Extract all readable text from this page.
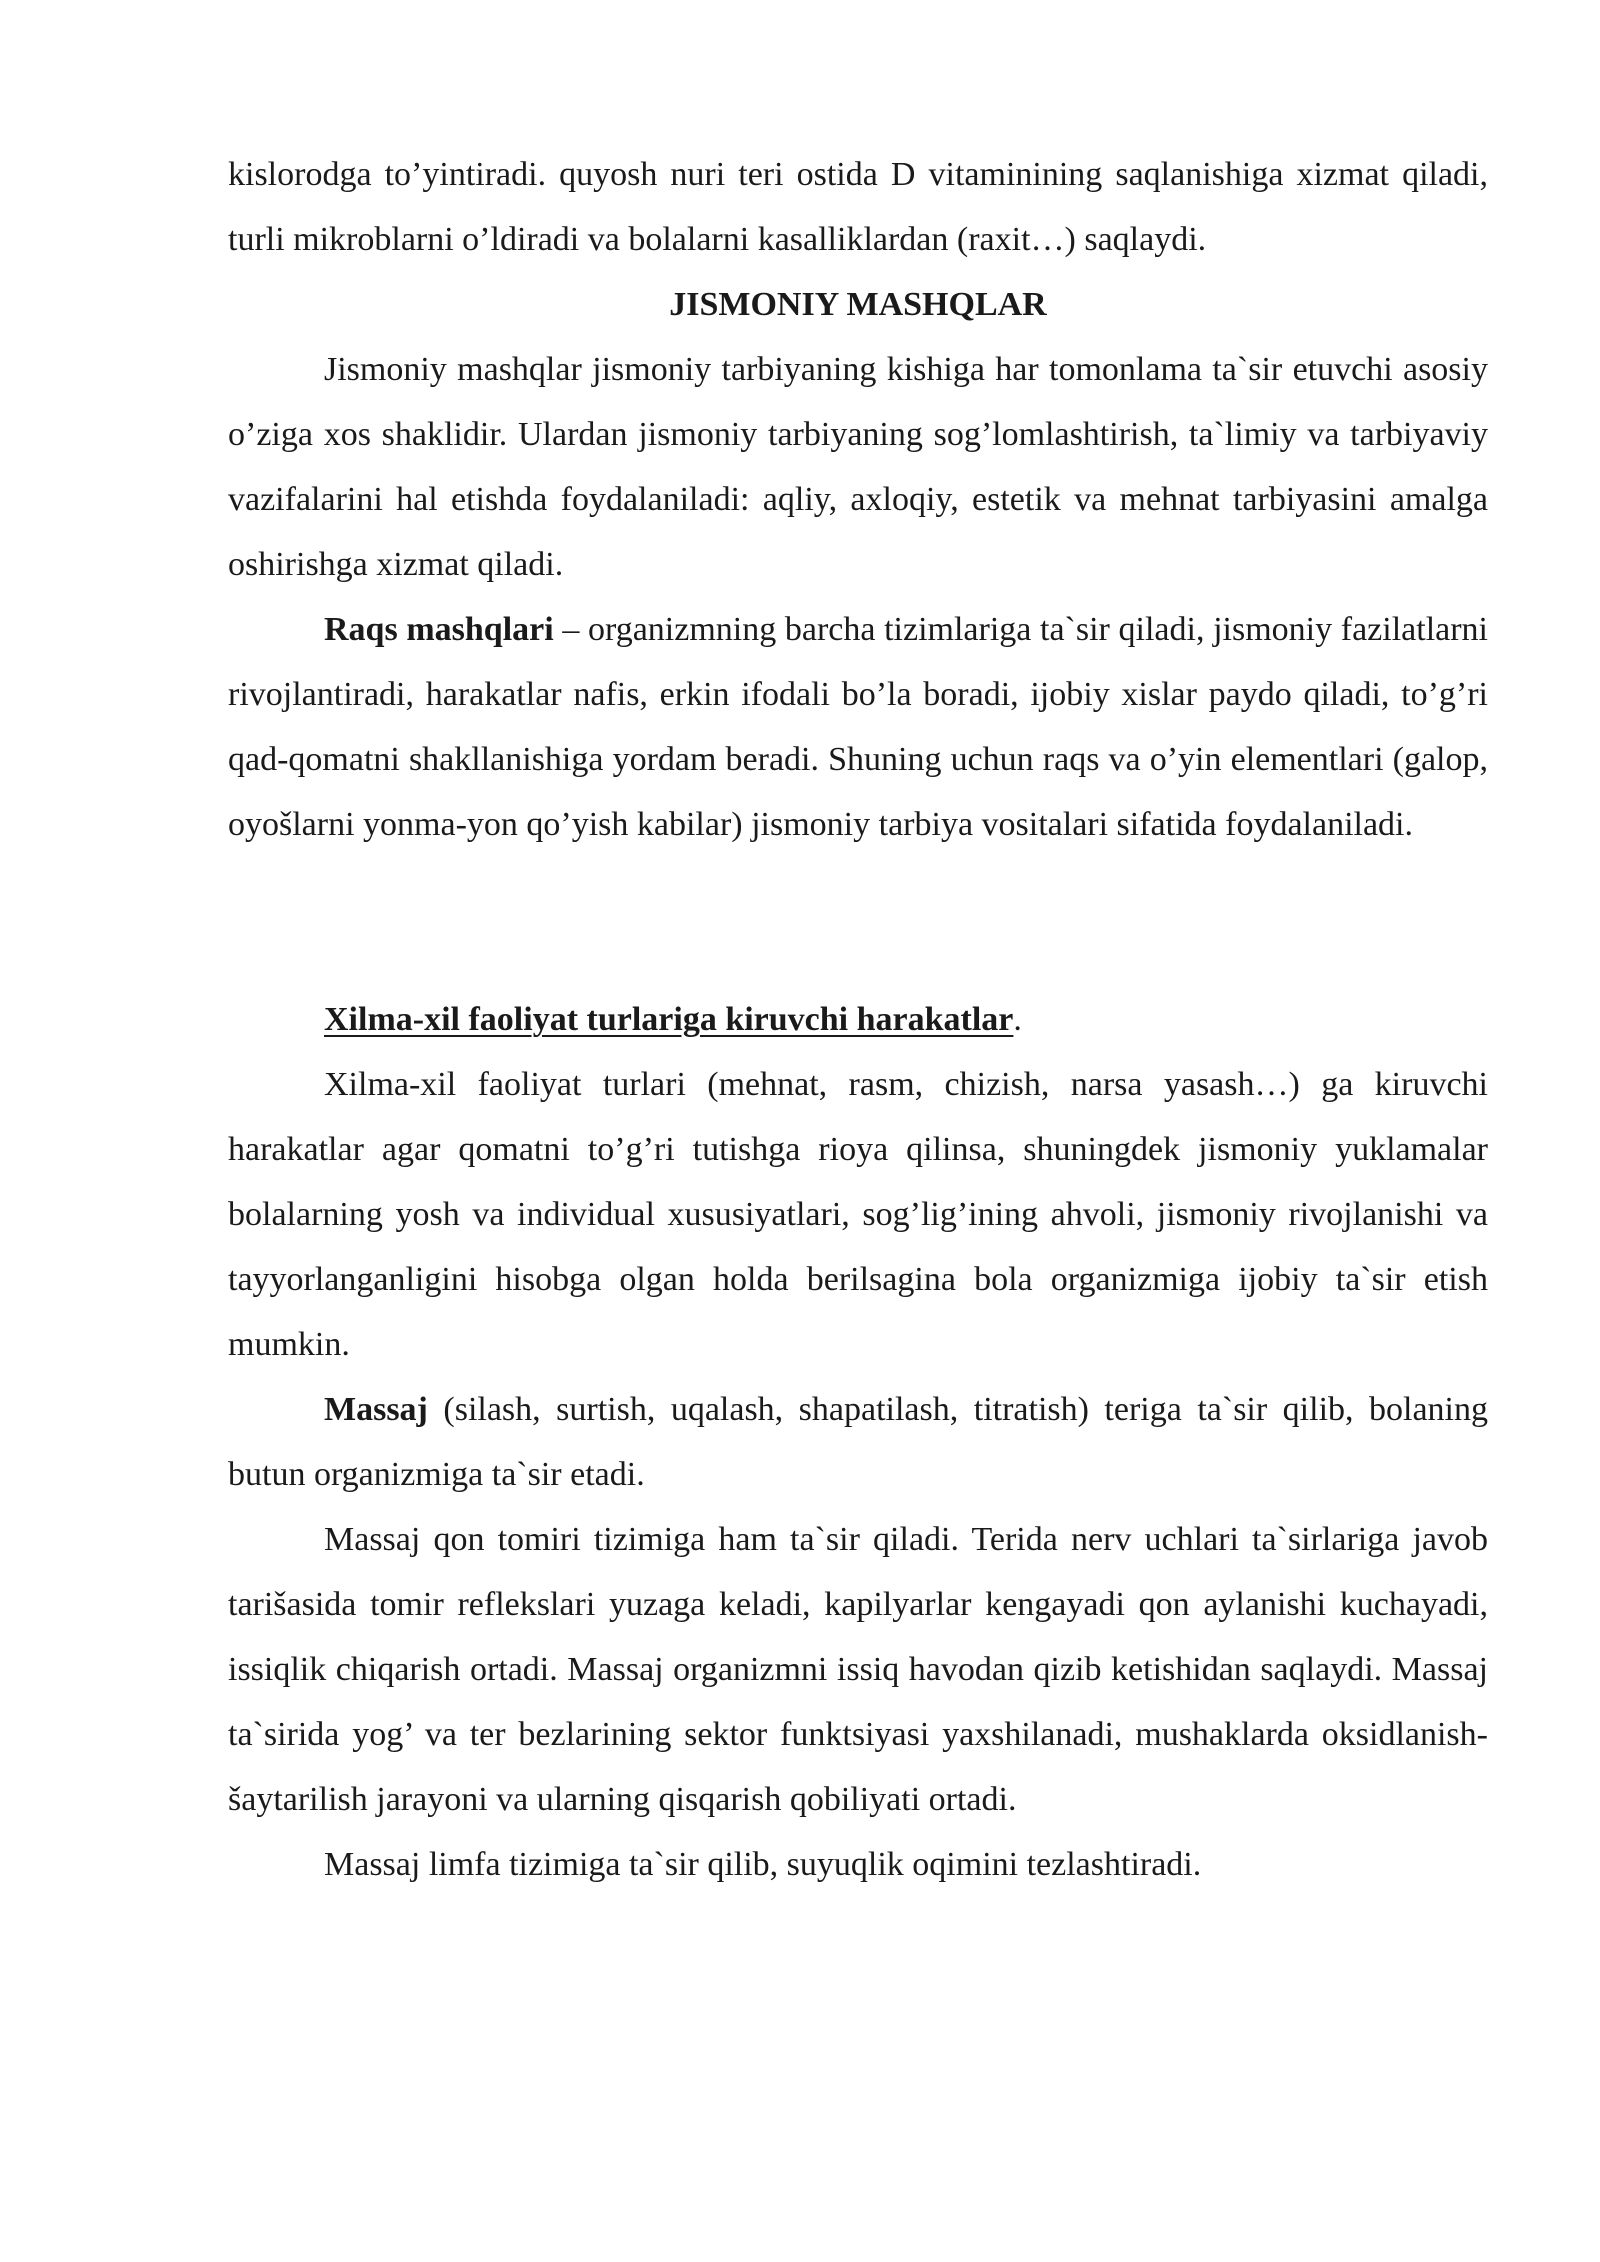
kislorodga to’yintiradi. quyosh nuri teri ostida D vitaminining saqlanishiga xizmat qiladi, turli mikroblarni o’ldiradi va bolalarni kasalliklardan (raxit…) saqlaydi.

JISMONIY MASHQLAR

Jismoniy mashqlar jismoniy tarbiyaning kishiga har tomonlama ta`sir etuvchi asosiy o’ziga xos shaklidir. Ulardan jismoniy tarbiyaning sog’lomlashtirish, ta`limiy va tarbiyaviy vazifalarini hal etishda foydalaniladi: aqliy, axloqiy, estetik va mehnat tarbiyasini amalga oshirishga xizmat qiladi.

Raqs mashqlari – organizmning barcha tizimlariga ta`sir qiladi, jismoniy fazilatlarni rivojlantiradi, harakatlar nafis, erkin ifodali bo’la boradi, ijobiy xislar paydo qiladi, to’g’ri qad-qomatni shakllanishiga yordam beradi. Shuning uchun raqs va o’yin elementlari (galop, oyošlarni yonma-yon qo’yish kabilar) jismoniy tarbiya vositalari sifatida foydalaniladi.

Xilma-xil faoliyat turlariga kiruvchi harakatlar.

Xilma-xil faoliyat turlari (mehnat, rasm, chizish, narsa yasash…) ga kiruvchi harakatlar agar qomatni to’g’ri tutishga rioya qilinsa, shuningdek jismoniy yuklamalar bolalarning yosh va individual xususiyatlari, sog’lig’ining ahvoli, jismoniy rivojlanishi va tayyorlanganligini hisobga olgan holda berilsagina bola organizmiga ijobiy ta`sir etish mumkin.

Massaj (silash, surtish, uqalash, shapatilash, titratish) teriga ta`sir qilib, bolaning butun organizmiga ta`sir etadi.

Massaj qon tomiri tizimiga ham ta`sir qiladi. Terida nerv uchlari ta`sirlariga javob tarišasida tomir reflekslari yuzaga keladi, kapilyarlar kengayadi qon aylanishi kuchayadi, issiqlik chiqarish ortadi. Massaj organizmni issiq havodan qizib ketishidan saqlaydi. Massaj ta`sirida yog’ va ter bezlarining sektor funktsiyasi yaxshilanadi, mushaklarda oksidlanish-šaytarilish jarayoni va ularning qisqarish qobiliyati ortadi.

Massaj limfa tizimiga ta`sir qilib, suyuqlik oqimini tezlashtiradi.
